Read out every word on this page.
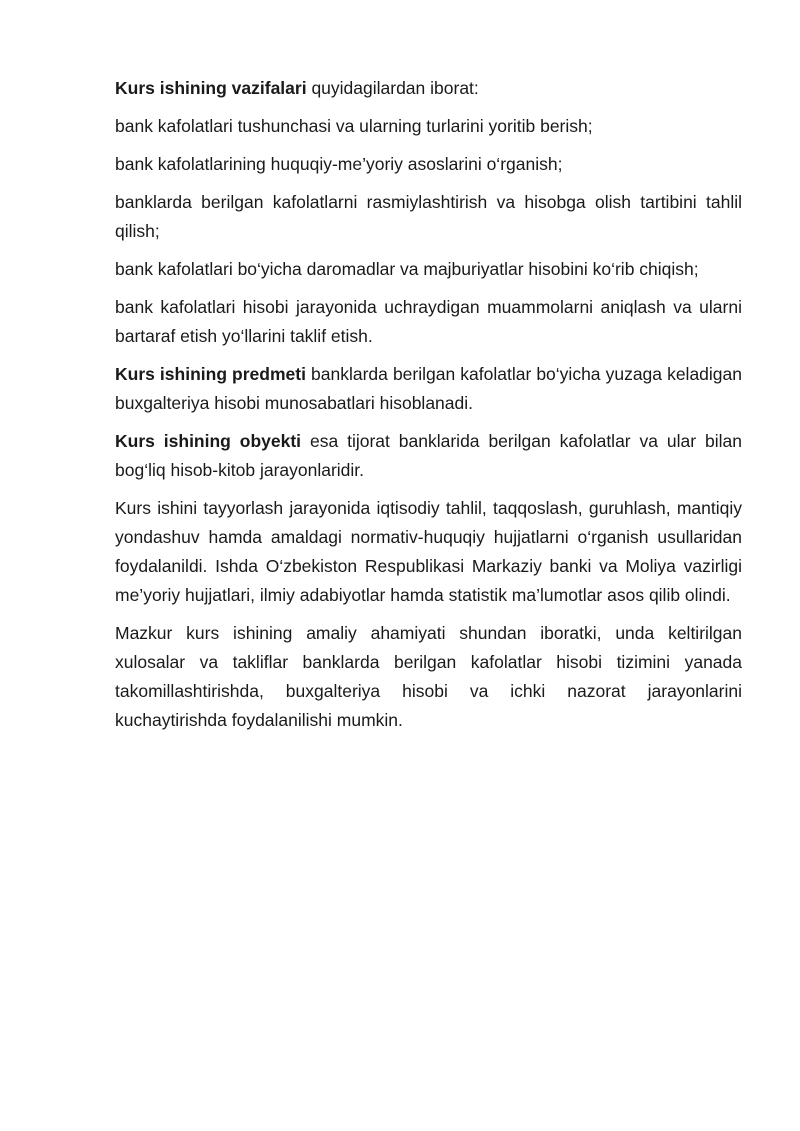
Kurs ishining vazifalari quyidagilardan iborat:

bank kafolatlari tushunchasi va ularning turlarini yoritib berish;

bank kafolatlarining huquqiy-me’yoriy asoslarini o‘rganish;

banklarda berilgan kafolatlarni rasmiylashtirish va hisobga olish tartibini tahlil qilish;

bank kafolatlari bo‘yicha daromadlar va majburiyatlar hisobini ko‘rib chiqish;

bank kafolatlari hisobi jarayonida uchraydigan muammolarni aniqlash va ularni bartaraf etish yo‘llarini taklif etish.

Kurs ishining predmeti banklarda berilgan kafolatlar bo‘yicha yuzaga keladigan buxgalteriya hisobi munosabatlari hisoblanadi.

Kurs ishining obyekti esa tijorat banklarida berilgan kafolatlar va ular bilan bog‘liq hisob-kitob jarayonlaridir.

Kurs ishini tayyorlash jarayonida iqtisodiy tahlil, taqqoslash, guruhlash, mantiqiy yondashuv hamda amaldagi normativ-huquqiy hujjatlarni o‘rganish usullaridan foydalanildi. Ishda O‘zbekiston Respublikasi Markaziy banki va Moliya vazirligi me’yoriy hujjatlari, ilmiy adabiyotlar hamda statistik ma’lumotlar asos qilib olindi.

Mazkur kurs ishining amaliy ahamiyati shundan iboratki, unda keltirilgan xulosalar va takliflar banklarda berilgan kafolatlar hisobi tizimini yanada takomillashtirishda, buxgalteriya hisobi va ichki nazorat jarayonlarini kuchaytirishda foydalanilishi mumkin.
